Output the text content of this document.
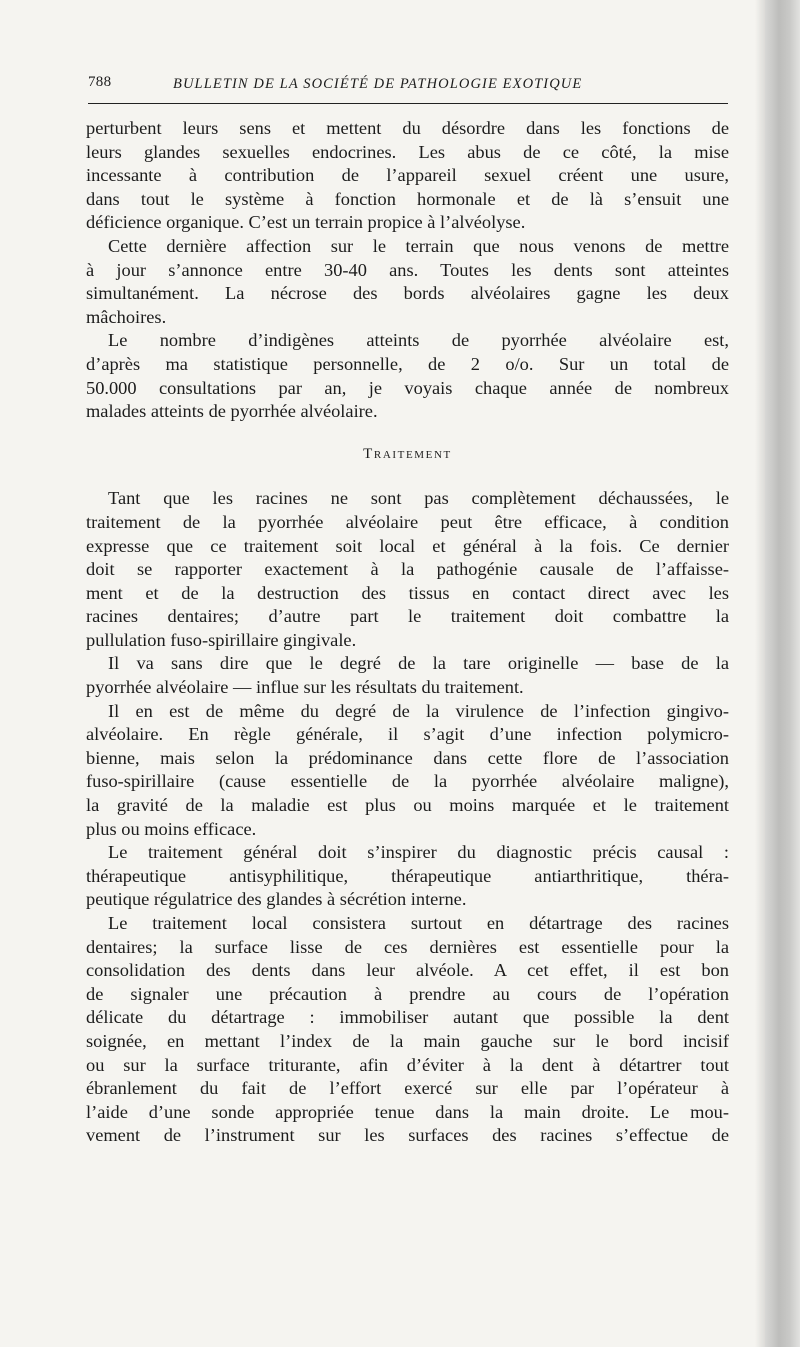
788	BULLETIN DE LA SOCIÉTÉ DE PATHOLOGIE EXOTIQUE
perturbent leurs sens et mettent du désordre dans les fonctions de
leurs glandes sexuelles endocrines. Les abus de ce côté, la mise
incessante à contribution de l’appareil sexuel créent une usure,
dans tout le système à fonction hormonale et de là s’ensuit une
déficience organique. C’est un terrain propice à l’alvéolyse.
Cette dernière affection sur le terrain que nous venons de mettre
à jour s’annonce entre 30-40 ans. Toutes les dents sont atteintes
simultanément. La nécrose des bords alvéolaires gagne les deux
mâchoires.
Le nombre d’indigènes atteints de pyorrhée alvéolaire est,
d’après ma statistique personnelle, de 2 o/o. Sur un total de
50.000 consultations par an, je voyais chaque année de nombreux
malades atteints de pyorrhée alvéolaire.
Traitement
Tant que les racines ne sont pas complètement déchaussées, le
traitement de la pyorrhée alvéolaire peut être efficace, à condition
expresse que ce traitement soit local et général à la fois. Ce dernier
doit se rapporter exactement à la pathogénie causale de l’affaisse-
ment et de la destruction des tissus en contact direct avec les
racines dentaires; d’autre part le traitement doit combattre la
pullulation fuso-spirillaire gingivale.
Il va sans dire que le degré de la tare originelle — base de la
pyorrhée alvéolaire — influe sur les résultats du traitement.
Il en est de même du degré de la virulence de l’infection gingivo-
alvéolaire. En règle générale, il s’agit d’une infection polymicro-
bienne, mais selon la prédominance dans cette flore de l’association
fuso-spirillaire (cause essentielle de la pyorrhée alvéolaire maligne),
la gravité de la maladie est plus ou moins marquée et le traitement
plus ou moins efficace.
Le traitement général doit s’inspirer du diagnostic précis causal :
thérapeutique antisyphilitique, thérapeutique antiarthritique, théra-
peutique régulatrice des glandes à sécrétion interne.
Le traitement local consistera surtout en détartrage des racines
dentaires; la surface lisse de ces dernières est essentielle pour la
consolidation des dents dans leur alvéole. A cet effet, il est bon
de signaler une précaution à prendre au cours de l’opération
délicate du détartrage : immobiliser autant que possible la dent
soignée, en mettant l’index de la main gauche sur le bord incisif
ou sur la surface triturante, afin d’éviter à la dent à détartrer tout
ébranlement du fait de l’effort exercé sur elle par l’opérateur à
l’aide d’une sonde appropriée tenue dans la main droite. Le mou-
vement de l’instrument sur les surfaces des racines s’effectue de
